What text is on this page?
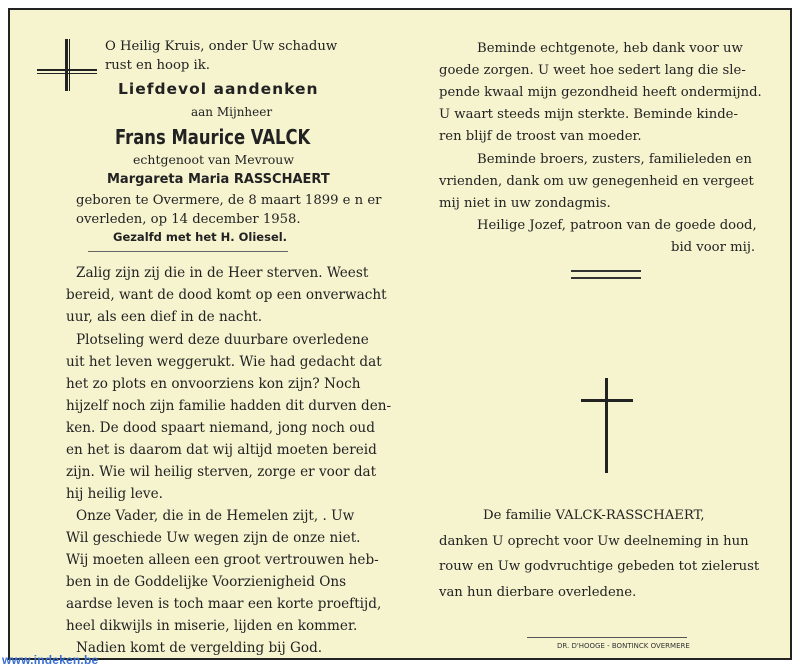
O Heilig Kruis, onder Uw schaduw
rust en hoop ik.
Liefdevol aandenken
aan Mijnheer
Frans Maurice VALCK
echtgenoot van Mevrouw
Margareta Maria RASSCHAERT
geboren te Overmere, de 8 maart 1899 e n er
overleden, op 14 december 1958.
Gezalfd met het H. Oliesel.
Zalig zijn zij die in de Heer sterven. Weest
bereid, want de dood komt op een onverwacht
uur, als een dief in de nacht.
Plotseling werd deze duurbare overledene
uit het leven weggerukt. Wie had gedacht dat
het zo plots en onvoorziens kon zijn? Noch
hijzelf noch zijn familie hadden dit durven den-
ken. De dood spaart niemand, jong noch oud
en het is daarom dat wij altijd moeten bereid
zijn. Wie wil heilig sterven, zorge er voor dat
hij heilig leve.
Onze Vader, die in de Hemelen zijt, . Uw
Wil geschiede Uw wegen zijn de onze niet.
Wij moeten alleen een groot vertrouwen heb-
ben in de Goddelijke Voorzienigheid Ons
aardse leven is toch maar een korte proeftijd,
heel dikwijls in miserie, lijden en kommer.
Nadien komt de vergelding bij God.
Beminde echtgenote, heb dank voor uw
goede zorgen. U weet hoe sedert lang die sle-
pende kwaal mijn gezondheid heeft ondermijnd.
U waart steeds mijn sterkte. Beminde kinde-
ren blijf de troost van moeder.
Beminde broers, zusters, familieleden en
vrienden, dank om uw genegenheid en vergeet
mij niet in uw zondagmis.
Heilige Jozef, patroon van de goede dood,
bid voor mij.
De familie VALCK-RASSCHAERT,
danken U oprecht voor Uw deelneming in hun
rouw en Uw godvruchtige gebeden tot zielerust
van hun dierbare overledene.
DR. D'HOOGE - BONTINCK OVERMERE
www.indeken.be
